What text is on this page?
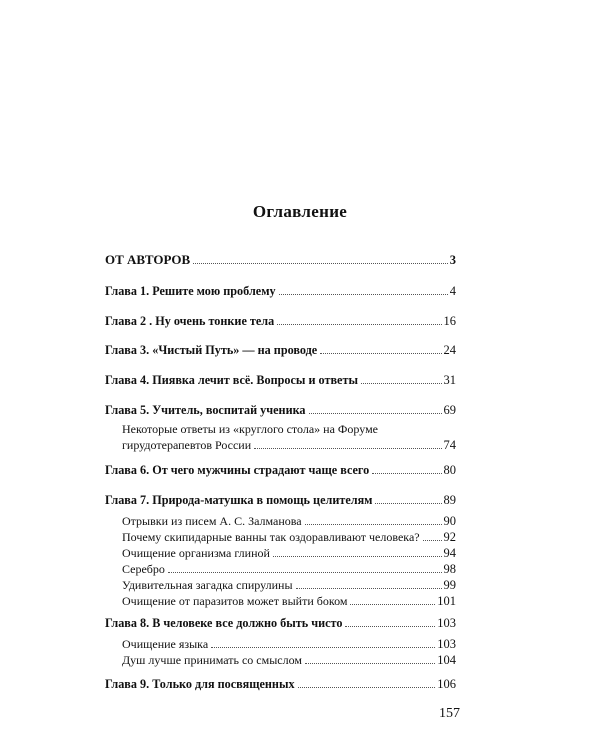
Оглавление
ОТ АВТОРОВ	3
Глава 1. Решите мою проблему	4
Глава 2 . Ну очень тонкие тела	16
Глава 3. «Чистый Путь» — на проводе	24
Глава 4. Пиявка лечит всё. Вопросы и ответы	31
Глава 5. Учитель, воспитай ученика	69
Некоторые ответы из «круглого стола» на Форуме
гирудотерапевтов России	74
Глава 6. От чего мужчины страдают чаще всего	80
Глава 7. Природа-матушка в помощь целителям	89
Отрывки из писем А. С. Залманова	90
Почему скипидарные ванны так оздоравливают человека? 92
Очищение организма глиной	94
Серебро	98
Удивительная загадка спирулины	99
Очищение от паразитов может выйти боком	101
Глава 8. В человеке все должно быть чисто	103
Очищение языка	103
Душ лучше принимать со смыслом	104
Глава 9. Только для посвященных	106
157
